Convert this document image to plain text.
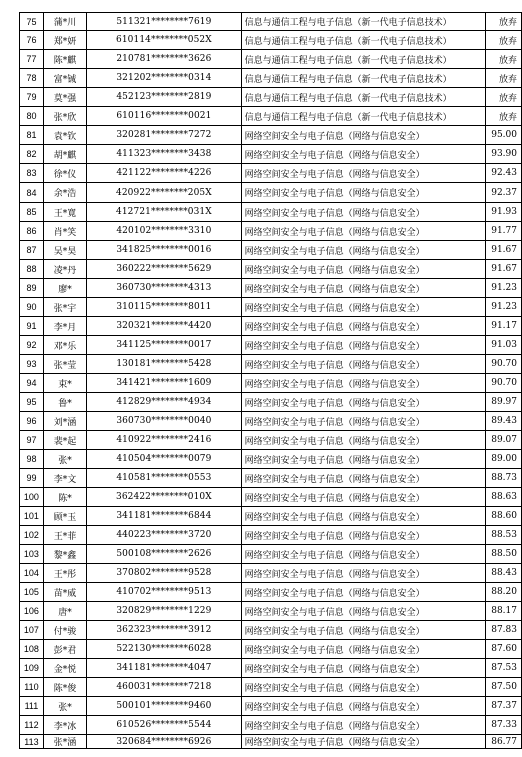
75	蒲*川	511321********7619	信息与通信工程与电子信息（新一代电子信息技术）	放弃
76	郑*妍	610114********052X	信息与通信工程与电子信息（新一代电子信息技术）	放弃
77	陈*麒	210781********3626	信息与通信工程与电子信息（新一代电子信息技术）	放弃
78	富*铖	321202********0314	信息与通信工程与电子信息（新一代电子信息技术）	放弃
79	莫*强	452123********2819	信息与通信工程与电子信息（新一代电子信息技术）	放弃
80	张*欣	610116********0021	信息与通信工程与电子信息（新一代电子信息技术）	放弃
81	袁*钦	320281********7272	网络空间安全与电子信息（网络与信息安全）	95.00
82	胡*麒	411323********3438	网络空间安全与电子信息（网络与信息安全）	93.90
83	徐*仪	421122********4226	网络空间安全与电子信息（网络与信息安全）	92.43
84	余*浩	420922********205X	网络空间安全与电子信息（网络与信息安全）	92.37
85	王*寬	412721********031X	网络空间安全与电子信息（网络与信息安全）	91.93
86	肖*笑	420102********3310	网络空间安全与电子信息（网络与信息安全）	91.77
87	吴*昊	341825********0016	网络空间安全与电子信息（网络与信息安全）	91.67
88	凌*丹	360222********5629	网络空间安全与电子信息（网络与信息安全）	91.67
89	廖*	360730********4313	网络空间安全与电子信息（网络与信息安全）	91.23
90	张*宇	310115********8011	网络空间安全与电子信息（网络与信息安全）	91.23
91	李*月	320321********4420	网络空间安全与电子信息（网络与信息安全）	91.17
92	邓*乐	341125********0017	网络空间安全与电子信息（网络与信息安全）	91.03
93	张*莹	130181********5428	网络空间安全与电子信息（网络与信息安全）	90.70
94	束*	341421********1609	网络空间安全与电子信息（网络与信息安全）	90.70
95	鲁*	412829********4934	网络空间安全与电子信息（网络与信息安全）	89.97
96	刘*涵	360730********0040	网络空间安全与电子信息（网络与信息安全）	89.43
97	裴*起	410922********2416	网络空间安全与电子信息（网络与信息安全）	89.07
98	张*	410504********0079	网络空间安全与电子信息（网络与信息安全）	89.00
99	李*文	410581********0553	网络空间安全与电子信息（网络与信息安全）	88.73
100	陈*	362422********010X	网络空间安全与电子信息（网络与信息安全）	88.63
101	顾*玉	341181********6844	网络空间安全与电子信息（网络与信息安全）	88.60
102	王*菲	440223********3720	网络空间安全与电子信息（网络与信息安全）	88.53
103	黎*鑫	500108********2626	网络空间安全与电子信息（网络与信息安全）	88.50
104	王*彤	370802********9528	网络空间安全与电子信息（网络与信息安全）	88.43
105	苗*威	410702********9513	网络空间安全与电子信息（网络与信息安全）	88.20
106	唐*	320829********1229	网络空间安全与电子信息（网络与信息安全）	88.17
107	付*骏	362323********3912	网络空间安全与电子信息（网络与信息安全）	87.83
108	彭*君	522130********6028	网络空间安全与电子信息（网络与信息安全）	87.60
109	金*悦	341181********4047	网络空间安全与电子信息（网络与信息安全）	87.53
110	陈*俊	460031********7218	网络空间安全与电子信息（网络与信息安全）	87.50
111	张*	500101********9460	网络空间安全与电子信息（网络与信息安全）	87.37
112	李*冰	610526********5544	网络空间安全与电子信息（网络与信息安全）	87.33
113	张*涵	320684********6926	网络空间安全与电子信息（网络与信息安全）	86.77
